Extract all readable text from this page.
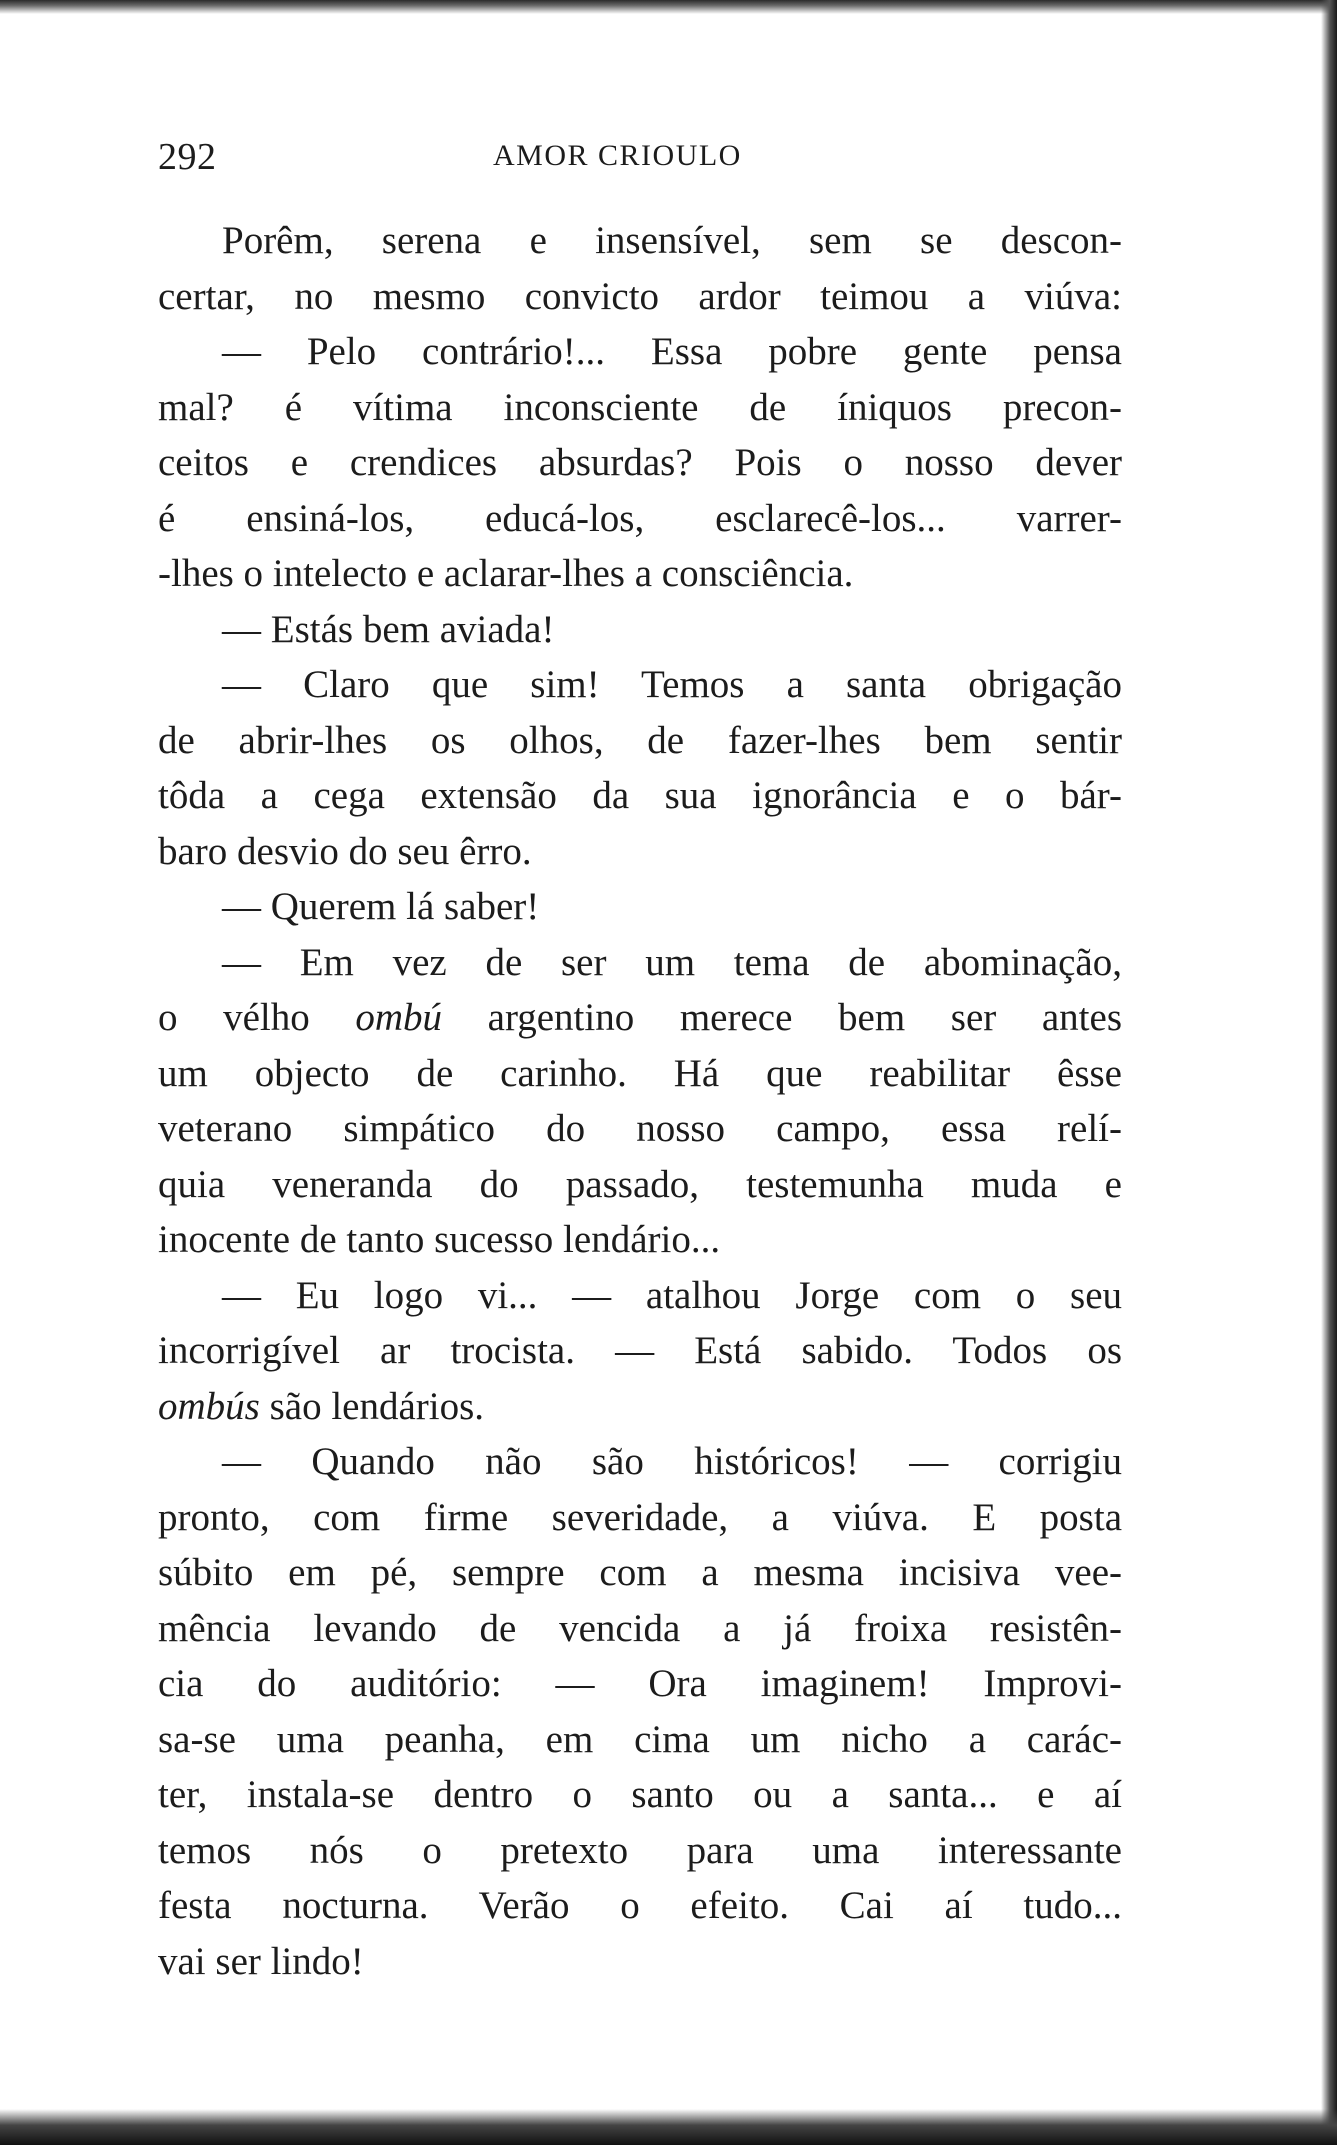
292	AMOR CRIOULO
Porêm, serena e insensível, sem se descon-
certar, no mesmo convicto ardor teimou a viúva:
— Pelo contrário!... Essa pobre gente pensa
mal? é vítima inconsciente de íniquos precon-
ceitos e crendices absurdas? Pois o nosso dever
é ensiná-los, educá-los, esclarecê-los... varrer-
-lhes o intelecto e aclarar-lhes a consciência.
— Estás bem aviada!
— Claro que sim! Temos a santa obrigação
de abrir-lhes os olhos, de fazer-lhes bem sentir
tôda a cega extensão da sua ignorância e o bár-
baro desvio do seu êrro.
— Querem lá saber!
— Em vez de ser um tema de abominação,
o vélho ombú argentino merece bem ser antes
um objecto de carinho. Há que reabilitar êsse
veterano simpático do nosso campo, essa relí-
quia veneranda do passado, testemunha muda e
inocente de tanto sucesso lendário...
— Eu logo vi... — atalhou Jorge com o seu
incorrigível ar trocista. — Está sabido. Todos os
ombús são lendários.
— Quando não são históricos! — corrigiu
pronto, com firme severidade, a viúva. E posta
súbito em pé, sempre com a mesma incisiva vee-
mência levando de vencida a já froixa resistên-
cia do auditório: — Ora imaginem! Improvi-
sa-se uma peanha, em cima um nicho a carác-
ter, instala-se dentro o santo ou a santa... e aí
temos nós o pretexto para uma interessante
festa nocturna. Verão o efeito. Cai aí tudo...
vai ser lindo!
